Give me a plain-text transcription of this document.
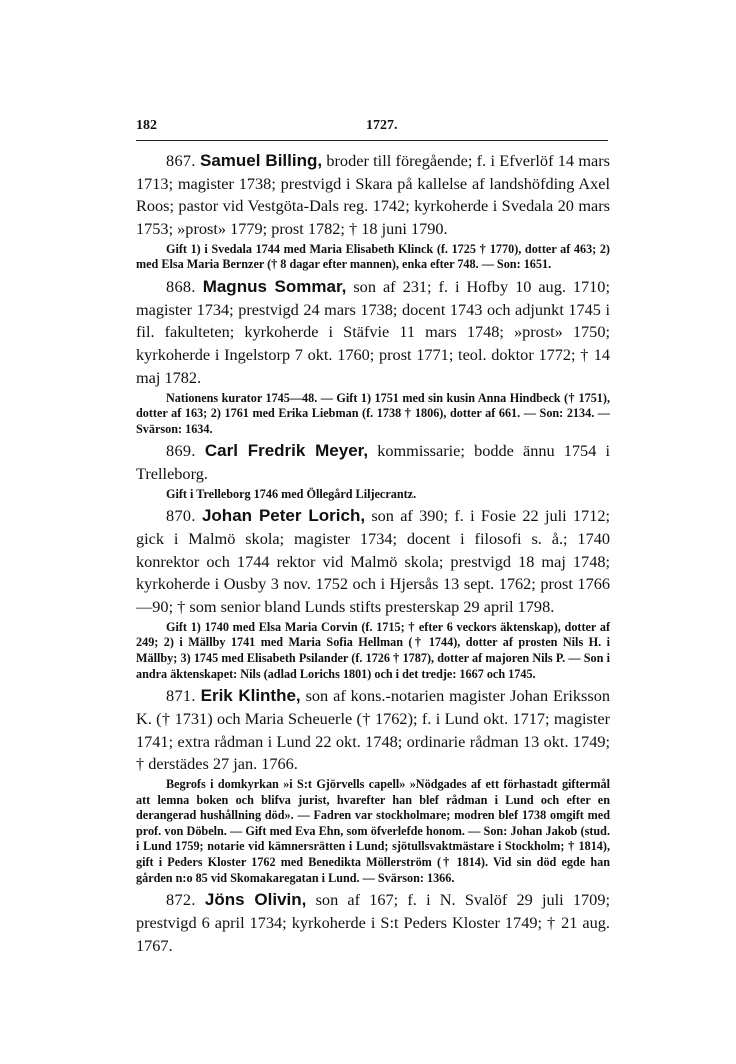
182	1727.

867. Samuel Billing, broder till föregående; f. i Efverlöf 14 mars 1713; magister 1738; prestvigd i Skara på kallelse af landshöfding Axel Roos; pastor vid Vestgöta-Dals reg. 1742; kyrkoherde i Svedala 20 mars 1753; »prost» 1779; prost 1782; † 18 juni 1790.

Gift 1) i Svedala 1744 med Maria Elisabeth Klinck (f. 1725 † 1770), dotter af 463; 2) med Elsa Maria Bernzer († 8 dagar efter mannen), enka efter 748. — Son: 1651.

868. Magnus Sommar, son af 231; f. i Hofby 10 aug. 1710; magister 1734; prestvigd 24 mars 1738; docent 1743 och adjunkt 1745 i fil. fakulteten; kyrkoherde i Stäfvie 11 mars 1748; »prost» 1750; kyrkoherde i Ingelstorp 7 okt. 1760; prost 1771; teol. doktor 1772; † 14 maj 1782.

Nationens kurator 1745—48. — Gift 1) 1751 med sin kusin Anna Hindbeck († 1751), dotter af 163; 2) 1761 med Erika Liebman (f. 1738 † 1806), dotter af 661. — Son: 2134. — Svärson: 1634.

869. Carl Fredrik Meyer, kommissarie; bodde ännu 1754 i Trelleborg.

Gift i Trelleborg 1746 med Öllegård Liljecrantz.

870. Johan Peter Lorich, son af 390; f. i Fosie 22 juli 1712; gick i Malmö skola; magister 1734; docent i filosofi s. å.; 1740 konrektor och 1744 rektor vid Malmö skola; prestvigd 18 maj 1748; kyrkoherde i Ousby 3 nov. 1752 och i Hjersås 13 sept. 1762; prost 1766—90; † som senior bland Lunds stifts presterskap 29 april 1798.

Gift 1) 1740 med Elsa Maria Corvin (f. 1715; † efter 6 veckors äktenskap), dotter af 249; 2) i Mällby 1741 med Maria Sofia Hellman († 1744), dotter af prosten Nils H. i Mällby; 3) 1745 med Elisabeth Psilander (f. 1726 † 1787), dotter af majoren Nils P. — Son i andra äktenskapet: Nils (adlad Lorichs 1801) och i det tredje: 1667 och 1745.

871. Erik Klinthe, son af kons.-notarien magister Johan Eriksson K. († 1731) och Maria Scheuerle († 1762); f. i Lund okt. 1717; magister 1741; extra rådman i Lund 22 okt. 1748; ordinarie rådman 13 okt. 1749; † derstädes 27 jan. 1766.

Begrofs i domkyrkan »i S:t Gjörvells capell» »Nödgades af ett förhastadt giftermål att lemna boken och blifva jurist, hvarefter han blef rådman i Lund och efter en derangerad hushållning död». — Fadren var stockholmare; modren blef 1738 omgift med prof. von Döbeln. — Gift med Eva Ehn, som öfverlefde honom. — Son: Johan Jakob (stud. i Lund 1759; notarie vid kämnersrätten i Lund; sjötullsvaktmästare i Stockholm; † 1814), gift i Peders Kloster 1762 med Benedikta Möllerström († 1814). Vid sin död egde han gården n:o 85 vid Skomakaregatan i Lund. — Svärson: 1366.

872. Jöns Olivin, son af 167; f. i N. Svalöf 29 juli 1709; prestvigd 6 april 1734; kyrkoherde i S:t Peders Kloster 1749; † 21 aug. 1767.
